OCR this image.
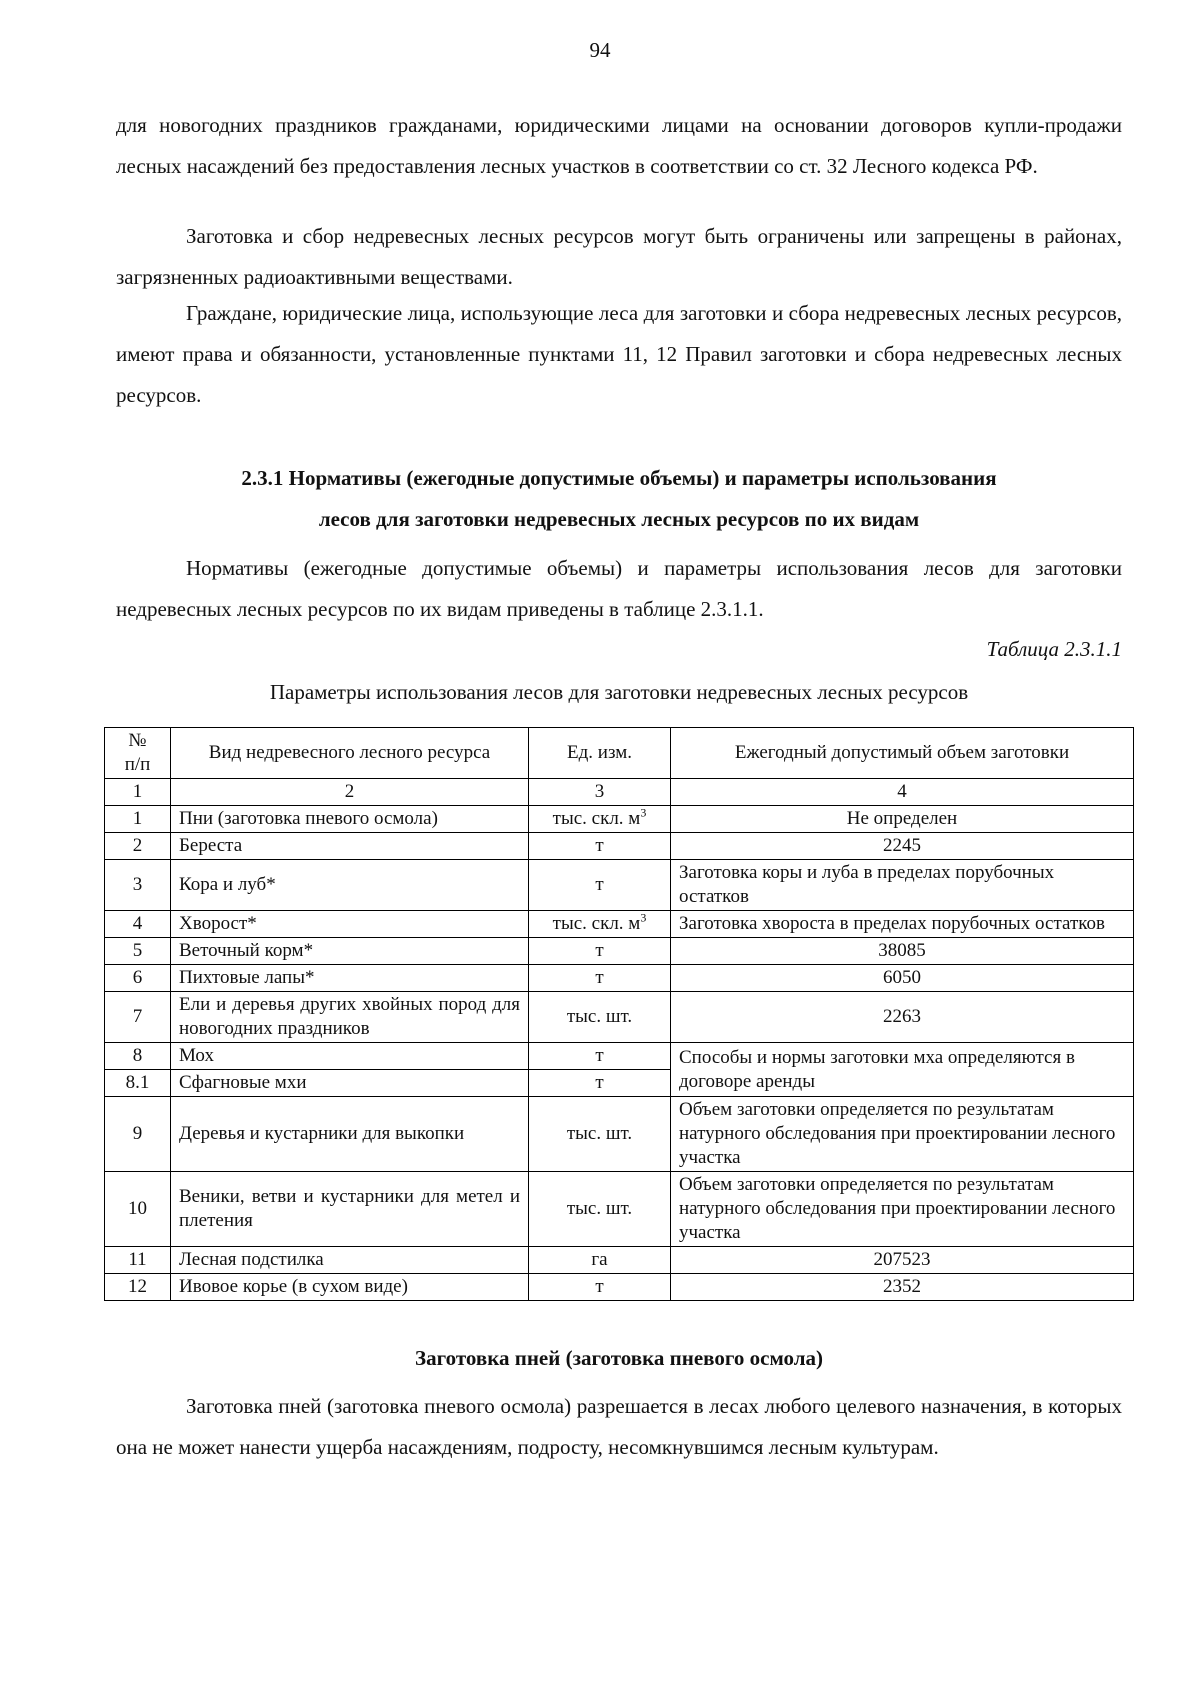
94

для новогодних праздников гражданами, юридическими лицами на основании договоров купли-продажи лесных насаждений без предоставления лесных участков в соответствии со ст. 32 Лесного кодекса РФ.

Заготовка и сбор недревесных лесных ресурсов могут быть ограничены или запрещены в районах, загрязненных радиоактивными веществами.

Граждане, юридические лица, использующие леса для заготовки и сбора недревесных лесных ресурсов, имеют права и обязанности, установленные пунктами 11, 12 Правил заготовки и сбора недревесных лесных ресурсов.

2.3.1 Нормативы (ежегодные допустимые объемы) и параметры использования

лесов для заготовки недревесных лесных ресурсов по их видам

Нормативы (ежегодные допустимые объемы) и параметры использования лесов для заготовки недревесных лесных ресурсов по их видам приведены в таблице 2.3.1.1.

Таблица 2.3.1.1
Параметры использования лесов для заготовки недревесных лесных ресурсов
№
п/п	Вид недревесного лесного ресурса	Ед. изм.	Ежегодный допустимый объем заготовки
1	2	3	4
1	Пни (заготовка пневого осмола)	тыс. скл. $м^3$	Не определен
2	Береста	т	2245
3	Кора и луб*	т	Заготовка коры и луба в пределах порубочных остатков
4	Хворост*	тыс. скл. $м^3$	Заготовка хвороста в пределах порубочных остатков
5	Веточный корм*	т	38085
6	Пихтовые лапы*	т	6050
7	Ели и деревья других хвойных пород для новогодних праздников	тыс. шт.	2263
8	Мох	т	Способы и нормы заготовки мха определяются в договоре аренды
8.1	Сфагновые мхи	т	
9	Деревья и кустарники для выкопки	тыс. шт.	Объем заготовки определяется по результатам натурного обследования при проектировании лесного участка
10	Веники, ветви и кустарники для метел и плетения	тыс. шт.	Объем заготовки определяется по результатам натурного обследования при проектировании лесного участка
11	Лесная подстилка	га	207523
12	Ивовое корье (в сухом виде)	т	2352
Заготовка пней (заготовка пневого осмола)

Заготовка пней (заготовка пневого осмола) разрешается в лесах любого целевого назначения, в которых она не может нанести ущерба насаждениям, подросту, несомкнувшимся лесным культурам.
